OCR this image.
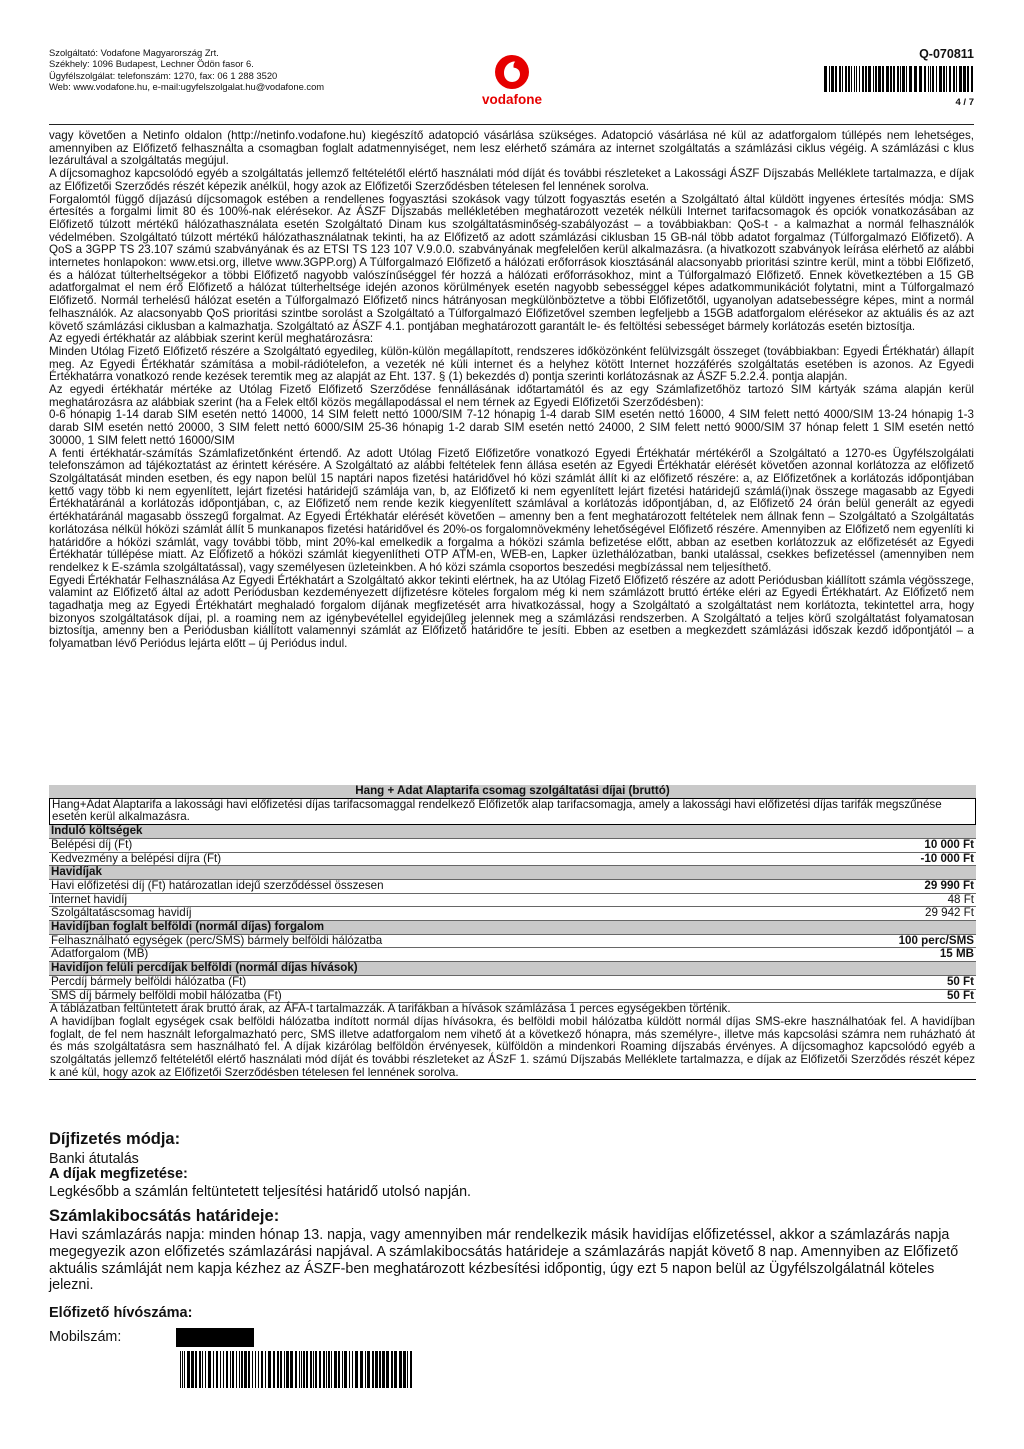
Szolgáltató: Vodafone Magyarország Zrt.
Székhely: 1096 Budapest, Lechner Ödön fasor 6.
Ügyfélszolgálat: telefonszám: 1270, fax: 06 1 288 3520
Web: www.vodafone.hu, e-mail:ugyfelszolgalat.hu@vodafone.com
vodafone
Q-070811
4 / 7

vagy követően a Netinfo oldalon (http://netinfo.vodafone.hu) kiegészítő adatopció vásárlása szükséges. Adatopció vásárlása né kül az adatforgalom túllépés nem lehetséges, amennyiben az Előfizető felhasználta a csomagban foglalt adatmennyiséget, nem lesz elérhető számára az internet szolgáltatás a számlázási ciklus végéig. A számlázási c klus lezárultával a szolgáltatás megújul.

A díjcsomaghoz kapcsolódó egyéb a szolgáltatás jellemző feltételétől elértő használati mód díját és további részleteket a Lakossági ÁSZF Díjszabás Melléklete tartalmazza, e díjak az Előfizetői Szerződés részét képezik anélkül, hogy azok az Előfizetői Szerződésben tételesen fel lennének sorolva.

Forgalomtól függő díjazású díjcsomagok estében a rendellenes fogyasztási szokások vagy túlzott fogyasztás esetén a Szolgáltató által küldött ingyenes értesítés módja: SMS értesítés a forgalmi limit 80 és 100%-nak elérésekor. Az ÁSZF Díjszabás mellékletében meghatározott vezeték nélküli Internet tarifacsomagok és opciók vonatkozásában az Előfizető túlzott mértékű hálózathasználata esetén Szolgáltató Dinam kus szolgáltatásminőség-szabályozást – a továbbiakban: QoS-t - a kalmazhat a normál felhasználók védelmében. Szolgáltató túlzott mértékű hálózathasználatnak tekinti, ha az Előfizető az adott számlázási ciklusban 15 GB-nál több adatot forgalmaz (Túlforgalmazó Előfizető). A QoS a 3GPP TS 23.107 számú szabványának és az ETSI TS 123 107 V.9.0.0. szabványának megfelelően kerül alkalmazásra. (a hivatkozott szabványok leírása elérhető az alábbi internetes honlapokon: www.etsi.org, illetve www.3GPP.org) A Túlforgalmazó Előfizető a hálózati erőforrások kiosztásánál alacsonyabb prioritási szintre kerül, mint a többi Előfizető, és a hálózat túlterheltségekor a többi Előfizető nagyobb valószínűséggel fér hozzá a hálózati erőforrásokhoz, mint a Túlforgalmazó Előfizető. Ennek következtében a 15 GB adatforgalmat el nem érő Előfizető a hálózat túlterheltsége idején azonos körülmények esetén nagyobb sebességgel képes adatkommunikációt folytatni, mint a Túlforgalmazó Előfizető. Normál terhelésű hálózat esetén a Túlforgalmazó Előfizető nincs hátrányosan megkülönböztetve a többi Előfizetőtől, ugyanolyan adatsebességre képes, mint a normál felhasználók. Az alacsonyabb QoS prioritási szintbe sorolást a Szolgáltató a Túlforgalmazó Előfizetővel szemben legfeljebb a 15GB adatforgalom elérésekor az aktuális és az azt követő számlázási ciklusban a kalmazhatja. Szolgáltató az ÁSZF 4.1. pontjában meghatározott garantált le- és feltöltési sebességet bármely korlátozás esetén biztosítja.

Az egyedi értékhatár az alábbiak szerint kerül meghatározásra:

Minden Utólag Fizető Előfizető részére a Szolgáltató egyedileg, külön-külön megállapított, rendszeres időközönként felülvizsgált összeget (továbbiakban: Egyedi Értékhatár) állapít meg. Az Egyedi Értékhatár számítása a mobil-rádiótelefon, a vezeték né küli internet és a helyhez kötött Internet hozzáférés szolgáltatás esetében is azonos. Az Egyedi Értékhatárra vonatkozó rende kezések teremtik meg az alapját az Eht. 137. § (1) bekezdés d) pontja szerinti korlátozásnak az ÁSZF 5.2.2.4. pontja alapján.

Az egyedi értékhatár mértéke az Utólag Fizető Előfizető Szerződése fennállásának időtartamától és az egy Számlafizetőhöz tartozó SIM kártyák száma alapján kerül meghatározásra az alábbiak szerint (ha a Felek eltől közös megállapodással el nem térnek az Egyedi Előfizetői Szerződésben):

0-6 hónapig 1-14 darab SIM esetén nettó 14000, 14 SIM felett nettó 1000/SIM 7-12 hónapig 1-4 darab SIM esetén nettó 16000, 4 SIM felett nettó 4000/SIM 13-24 hónapig 1-3 darab SIM esetén nettó 20000, 3 SIM felett nettó 6000/SIM 25-36 hónapig 1-2 darab SIM esetén nettó 24000, 2 SIM felett nettó 9000/SIM 37 hónap felett 1 SIM esetén nettó 30000, 1 SIM felett nettó 16000/SIM

A fenti értékhatár-számítás Számlafizetőnként értendő. Az adott Utólag Fizető Előfizetőre vonatkozó Egyedi Értékhatár mértékéről a Szolgáltató a 1270-es Ügyfélszolgálati telefonszámon ad tájékoztatást az érintett kérésére. A Szolgáltató az alábbi feltételek fenn állása esetén az Egyedi Értékhatár elérését követően azonnal korlátozza az előfizető Szolgáltatását minden esetben, és egy napon belül 15 naptári napos fizetési határidővel hó közi számlát állít ki az előfizető részére: a, az Előfizetőnek a korlátozás időpontjában kettő vagy több ki nem egyenlített, lejárt fizetési határidejű számlája van, b, az Előfizető ki nem egyenlített lejárt fizetési határidejű számlá(i)nak összege magasabb az Egyedi Értékhatáránál a korlátozás időpontjában, c, az Előfizető nem rende kezik kiegyenlített számlával a korlátozás időpontjában, d, az Előfizető 24 órán belül generált az egyedi értékhatáránál magasabb összegű forgalmat. Az Egyedi Értékhatár elérését követően – amenny ben a fent meghatározott feltételek nem állnak fenn – Szolgáltató a Szolgáltatás korlátozása nélkül hóközi számlát állít 5 munkanapos fizetési határidővel és 20%-os forgalomnövekmény lehetőségével Előfizető részére. Amennyiben az Előfizető nem egyenlíti ki határidőre a hóközi számlát, vagy további több, mint 20%-kal emelkedik a forgalma a hóközi számla befizetése előtt, abban az esetben korlátozzuk az előfizetését az Egyedi Értékhatár túllépése miatt. Az Előfizető a hóközi számlát kiegyenlítheti OTP ATM-en, WEB-en, Lapker üzlethálózatban, banki utalással, csekkes befizetéssel (amennyiben nem rendelkez k E-számla szolgáltatással), vagy személyesen üzleteinkben. A hó közi számla csoportos beszedési megbízással nem teljesíthető.

Egyedi Értékhatár Felhasználása Az Egyedi Értékhatárt a Szolgáltató akkor tekinti elértnek, ha az Utólag Fizető Előfizető részére az adott Periódusban kiállított számla végösszege, valamint az Előfizető által az adott Periódusban kezdeményezett díjfizetésre köteles forgalom még ki nem számlázott bruttó értéke eléri az Egyedi Értékhatárt. Az Előfizető nem tagadhatja meg az Egyedi Értékhatárt meghaladó forgalom díjának megfizetését arra hivatkozással, hogy a Szolgáltató a szolgáltatást nem korlátozta, tekintettel arra, hogy bizonyos szolgáltatások díjai, pl. a roaming nem az igénybevétellel egyidejűleg jelennek meg a számlázási rendszerben. A Szolgáltató a teljes körű szolgáltatást folyamatosan biztosítja, amenny ben a Periódusban kiállított valamennyi számlát az Előfizető határidőre te jesíti. Ebben az esetben a megkezdett számlázási időszak kezdő időpontjától – a folyamatban lévő Periódus lejárta előtt – új Periódus indul.

Hang + Adat Alaptarifa csomag szolgáltatási díjai (bruttó)
Hang+Adat Alaptarifa a lakossági havi előfizetési díjas tarifacsomaggal rendelkező Előfizetők alap tarifacsomagja, amely a lakossági havi előfizetési díjas tarifák megszűnése esetén kerül alkalmazásra.
Induló költségek
Belépési díj (Ft)	10 000 Ft
Kedvezmény a belépési díjra (Ft)	-10 000 Ft
Havidíjak
Havi előfizetési díj (Ft) határozatlan idejű szerződéssel összesen	29 990 Ft
Internet havidíj	48 Ft
Szolgáltatáscsomag havidíj	29 942 Ft
Havidíjban foglalt belföldi (normál díjas) forgalom
Felhasználható egységek (perc/SMS) bármely belföldi hálózatba	100 perc/SMS
Adatforgalom (MB)	15 MB
Havidíjon felüli percdíjak belföldi (normál díjas hívások)
Percdíj bármely belföldi hálózatba (Ft)	50 Ft
SMS díj bármely belföldi mobil hálózatba (Ft)	50 Ft

A táblázatban feltüntetett árak bruttó árak, az ÁFA-t tartalmazzák. A tarifákban a hívások számlázása 1 perces egységekben történik.

A havidíjban foglalt egységek csak belföldi hálózatba indított normál díjas hívásokra, és belföldi mobil hálózatba küldött normál díjas SMS-ekre használhatóak fel. A havidíjban foglalt, de fel nem használt leforgalmazható perc, SMS illetve adatforgalom nem vihető át a következő hónapra, más személyre-, illetve más kapcsolási számra nem ruházható át és más szolgáltatásra sem használható fel. A díjak kizárólag belföldön érvényesek, külföldön a mindenkori Roaming díjszabás érvényes. A díjcsomaghoz kapcsolódó egyéb a szolgáltatás jellemző feltételétől elértő használati mód díját és további részleteket az ÁSzF 1. számú Díjszabás Melléklete tartalmazza, e díjak az Előfizetői Szerződés részét képez k ané kül, hogy azok az Előfizetői Szerződésben tételesen fel lennének sorolva.

Díjfizetés módja:
Banki átutalás
A díjak megfizetése:
Legkésőbb a számlán feltüntetett teljesítési határidő utolsó napján.
Számlakibocsátás határideje:
Havi számlazárás napja: minden hónap 13. napja, vagy amennyiben már rendelkezik másik havidíjas előfizetéssel, akkor a számlazárás napja megegyezik azon előfizetés számlazárási napjával. A számlakibocsátás határideje a számlazárás napját követő 8 nap. Amennyiben az Előfizető aktuális számláját nem kapja kézhez az ÁSZF-ben meghatározott kézbesítési időpontig, úgy ezt 5 napon belül az Ügyfélszolgálatnál köteles jelezni.
Előfizető hívószáma:
Mobilszám:
